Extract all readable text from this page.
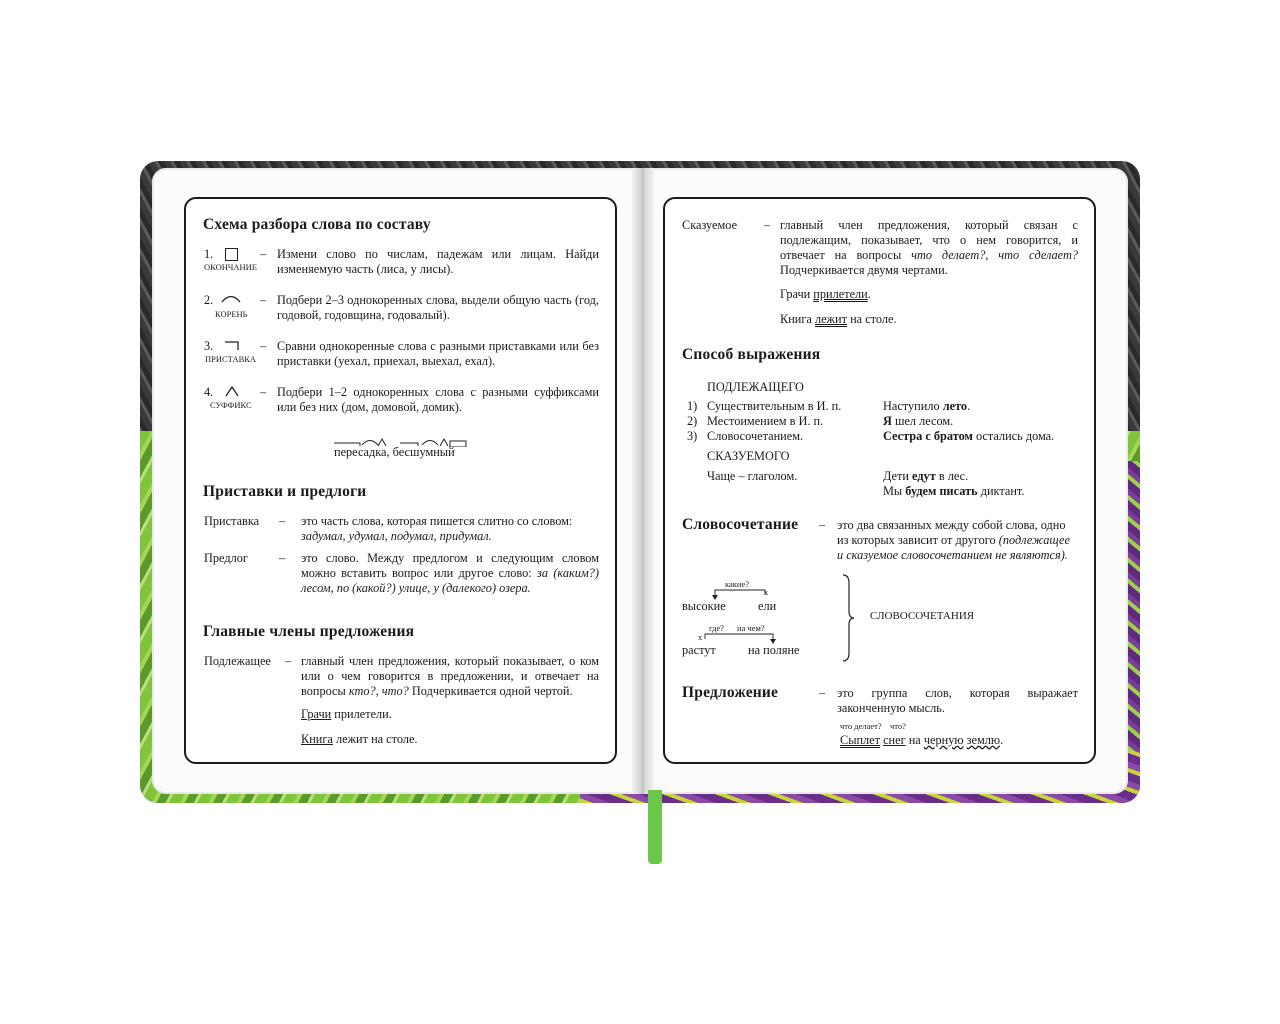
Схема разбора слова по составу
1.
ОКОНЧАНИЕ
– Измени слово по числам, падежам или лицам. Найди изменяемую часть (лиса, у лисы).
2.
КОРЕНЬ
– Подбери 2–3 однокоренных слова, выдели общую часть (год, годовой, годовщина, годовалый).
3.
ПРИСТАВКА
– Сравни однокоренные слова с разными приставками или без приставки (уехал, приехал, выехал, ехал).
4.
СУФФИКС
– Подбери 1–2 однокоренных слова с разными суффиксами или без них (дом, домовой, домик).
пересадка, бесшумный
Приставки и предлоги
Приставка – это часть слова, которая пишется слитно со словом:
задумал, удумал, подумал, придумал.
Предлог	– это слово. Между предлогом и следующим словом можно вставить вопрос или другое слово: за (каким?) лесом, по (какой?) улице, у (далекого) озера.
Главные члены предложения
Подлежащее – главный член предложения, который показывает, о ком или о чем говорится в предложении, и отвечает на вопросы кто?, что? Подчеркивается одной чертой.
Грачи прилетели.
Книга лежит на столе.
Сказуемое – главный член предложения, который связан с подлежащим, показывает, что о нем говорится, и отвечает на вопросы что делает?, что сделает? Подчеркивается двумя чертами.
Грачи прилетели.
Книга лежит на столе.
Способ выражения
ПОДЛЕЖАЩЕГО
1) Существительным в И. п.	Наступило лето.
2) Местоимением в И. п.	Я шел лесом.
3) Словосочетанием.	Сестра с братом остались дома.
СКАЗУЕМОГО
Чаще – глаголом.	Дети едут в лес.
Мы будем писать диктант.
Словосочетание – это два связанных между собой слова, одно из которых зависит от другого (подлежащее и сказуемое словосочетанием не являются).
какие?
x
высокие	ели
где? на чем?
x
растут	на поляне
СЛОВОСОЧЕТАНИЯ
Предложение	– это группа слов, которая выражает законченную мысль.
что делает? что?
Сыплет снег на черную землю.
